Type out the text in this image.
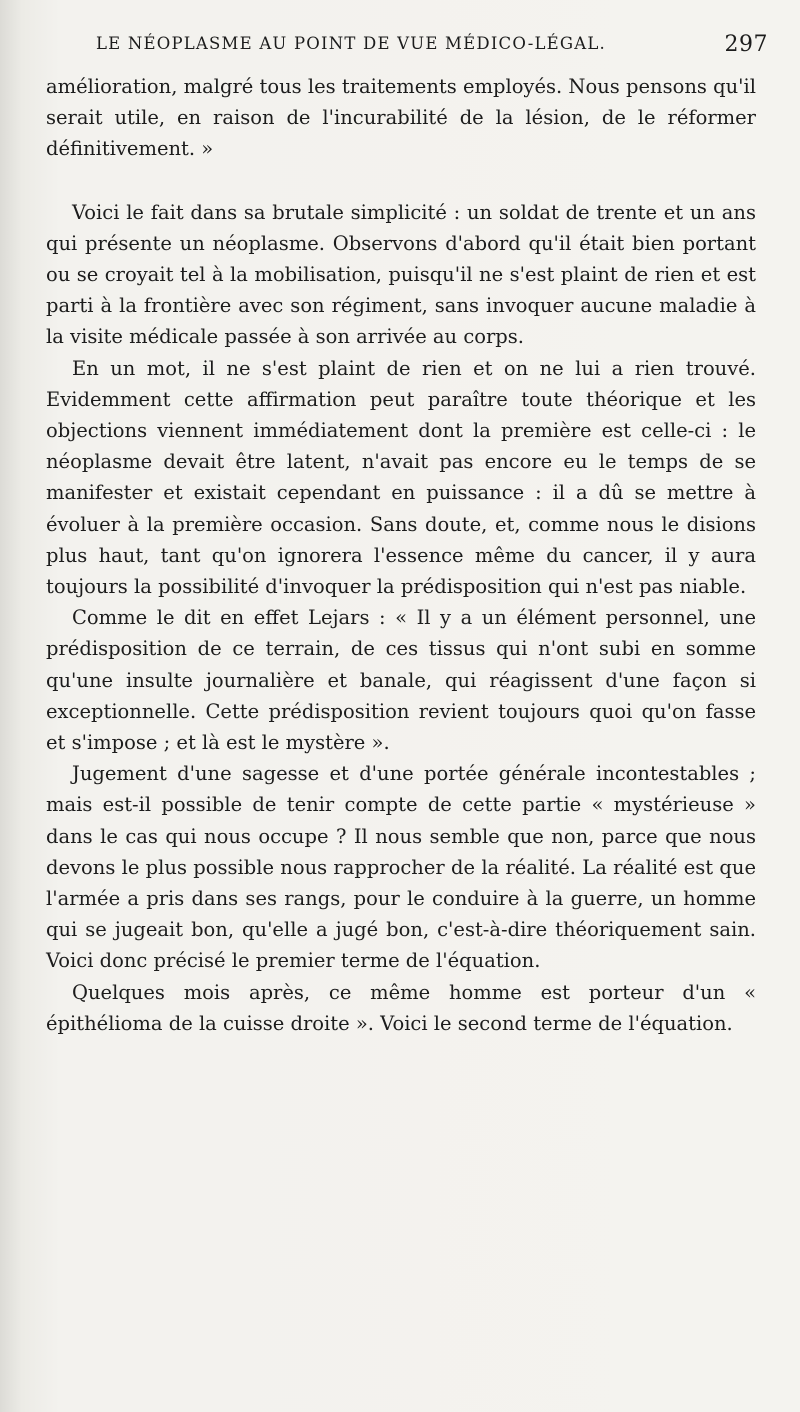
LE NÉOPLASME AU POINT DE VUE MÉDICO-LÉGAL.	297

amélioration, malgré tous les traitements employés. Nous pensons qu'il serait utile, en raison de l'incurabilité de la lésion, de le réformer définitivement. »

Voici le fait dans sa brutale simplicité : un soldat de trente et un ans qui présente un néoplasme. Observons d'abord qu'il était bien portant ou se croyait tel à la mobilisation, puisqu'il ne s'est plaint de rien et est parti à la frontière avec son régiment, sans invoquer aucune maladie à la visite médicale passée à son arrivée au corps.

En un mot, il ne s'est plaint de rien et on ne lui a rien trouvé. Evidemment cette affirmation peut paraître toute théorique et les objections viennent immédiatement dont la première est celle-ci : le néoplasme devait être latent, n'avait pas encore eu le temps de se manifester et existait cependant en puissance : il a dû se mettre à évoluer à la première occasion. Sans doute, et, comme nous le disions plus haut, tant qu'on ignorera l'essence même du cancer, il y aura toujours la possibilité d'invoquer la prédisposition qui n'est pas niable.

Comme le dit en effet Lejars : « Il y a un élément personnel, une prédisposition de ce terrain, de ces tissus qui n'ont subi en somme qu'une insulte journalière et banale, qui réagissent d'une façon si exceptionnelle. Cette prédisposition revient toujours quoi qu'on fasse et s'impose ; et là est le mystère ».

Jugement d'une sagesse et d'une portée générale incontestables ; mais est-il possible de tenir compte de cette partie « mystérieuse » dans le cas qui nous occupe ? Il nous semble que non, parce que nous devons le plus possible nous rapprocher de la réalité. La réalité est que l'armée a pris dans ses rangs, pour le conduire à la guerre, un homme qui se jugeait bon, qu'elle a jugé bon, c'est-à-dire théoriquement sain. Voici donc précisé le premier terme de l'équation.

Quelques mois après, ce même homme est porteur d'un « épithélioma de la cuisse droite ». Voici le second terme de l'équation.
